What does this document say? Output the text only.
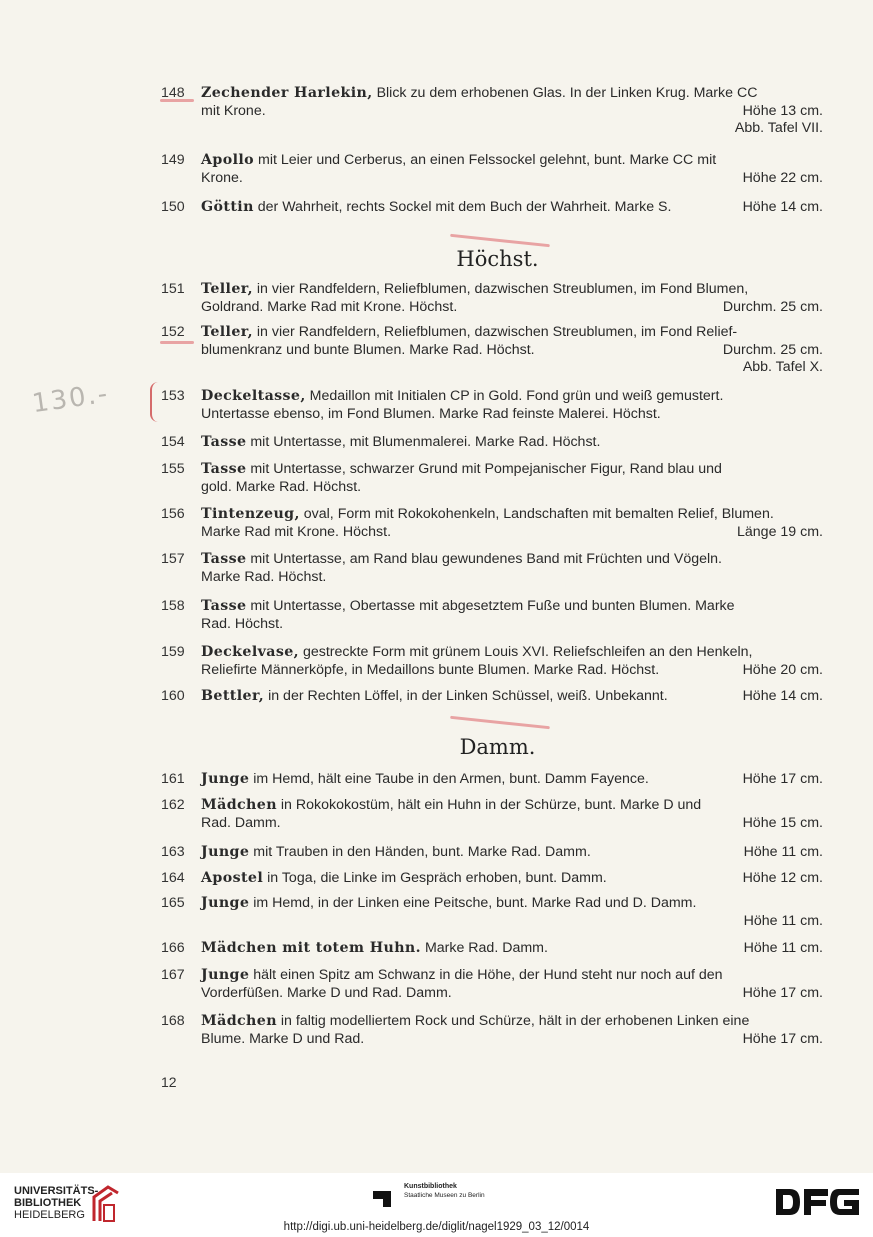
130.-
Höchst.
Damm.
12
148	Zechender Harlekin, Blick zu dem erhobenen Glas. In der Linken Krug. Marke CC
mit Krone.	Höhe 13 cm.
Abb. Tafel VII.
149	Apollo mit Leier und Cerberus, an einen Felssockel gelehnt, bunt. Marke CC mit
Krone.	Höhe 22 cm.
150	Göttin der Wahrheit, rechts Sockel mit dem Buch der Wahrheit. Marke S.	Höhe 14 cm.
151	Teller, in vier Randfeldern, Reliefblumen, dazwischen Streublumen, im Fond Blumen,
Goldrand. Marke Rad mit Krone. Höchst.	Durchm. 25 cm.
152	Teller, in vier Randfeldern, Reliefblumen, dazwischen Streublumen, im Fond Relief-
blumenkranz und bunte Blumen. Marke Rad. Höchst.	Durchm. 25 cm.
Abb. Tafel X.
153	Deckeltasse, Medaillon mit Initialen CP in Gold. Fond grün und weiß gemustert.
Untertasse ebenso, im Fond Blumen. Marke Rad feinste Malerei. Höchst.
154	Tasse mit Untertasse, mit Blumenmalerei. Marke Rad. Höchst.
155	Tasse mit Untertasse, schwarzer Grund mit Pompejanischer Figur, Rand blau und
gold. Marke Rad. Höchst.
156	Tintenzeug, oval, Form mit Rokokohenkeln, Landschaften mit bemalten Relief, Blumen.
Marke Rad mit Krone. Höchst.	Länge 19 cm.
157	Tasse mit Untertasse, am Rand blau gewundenes Band mit Früchten und Vögeln.
Marke Rad. Höchst.
158	Tasse mit Untertasse, Obertasse mit abgesetztem Fuße und bunten Blumen. Marke
Rad. Höchst.
159	Deckelvase, gestreckte Form mit grünem Louis XVI. Reliefschleifen an den Henkeln,
Reliefirte Männerköpfe, in Medaillons bunte Blumen. Marke Rad. Höchst.	Höhe 20 cm.
160	Bettler, in der Rechten Löffel, in der Linken Schüssel, weiß. Unbekannt.	Höhe 14 cm.
161	Junge im Hemd, hält eine Taube in den Armen, bunt. Damm Fayence.	Höhe 17 cm.
162	Mädchen in Rokokokostüm, hält ein Huhn in der Schürze, bunt. Marke D und
Rad. Damm.	Höhe 15 cm.
163	Junge mit Trauben in den Händen, bunt. Marke Rad. Damm.	Höhe 11 cm.
164	Apostel in Toga, die Linke im Gespräch erhoben, bunt. Damm.	Höhe 12 cm.
165	Junge im Hemd, in der Linken eine Peitsche, bunt. Marke Rad und D. Damm.
Höhe 11 cm.
166	Mädchen mit totem Huhn. Marke Rad. Damm.	Höhe 11 cm.
167	Junge hält einen Spitz am Schwanz in die Höhe, der Hund steht nur noch auf den
Vorderfüßen. Marke D und Rad. Damm.	Höhe 17 cm.
168	Mädchen in faltig modelliertem Rock und Schürze, hält in der erhobenen Linken eine
Blume. Marke D und Rad.	Höhe 17 cm.
UNIVERSITÄTS-
BIBLIOTHEK
HEIDELBERG
Kunstbibliothek
Staatliche Museen zu Berlin
DFG
http://digi.ub.uni-heidelberg.de/diglit/nagel1929_03_12/0014
